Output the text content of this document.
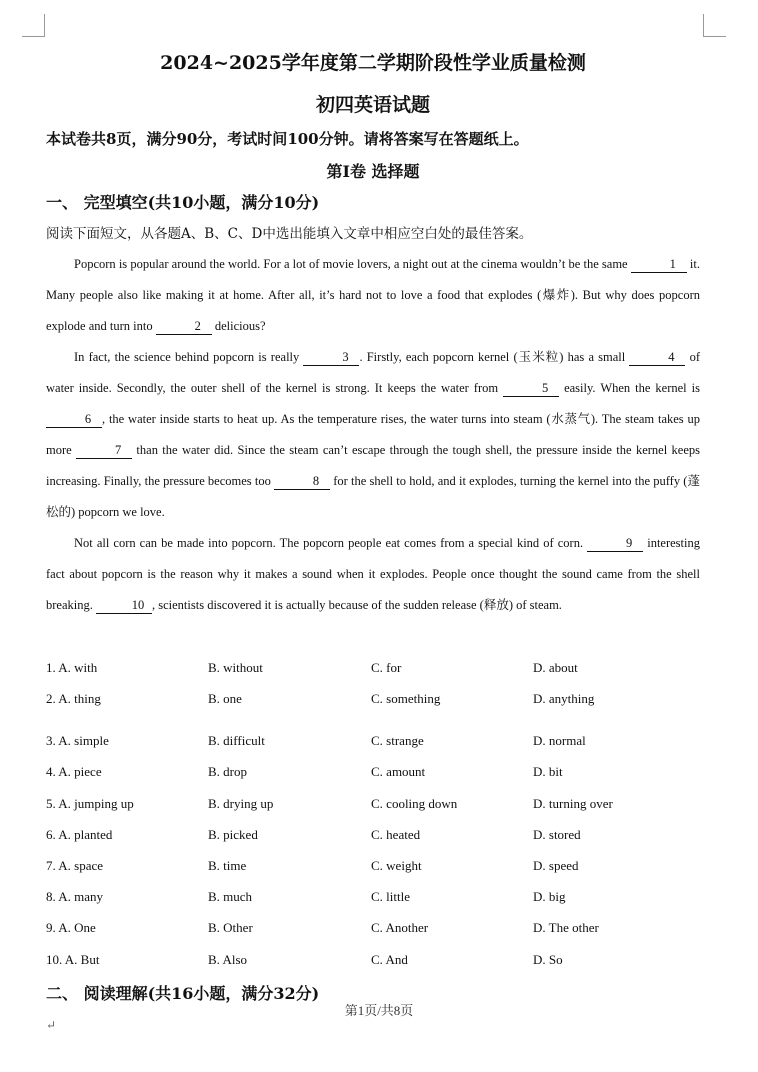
2024~2025学年度第二学期阶段性学业质量检测
初四英语试题
本试卷共8页，满分90分，考试时间100分钟。请将答案写在答题纸上。
第Ⅰ卷 选择题
一、 完型填空(共10小题，满分10分)
阅读下面短文，从各题A、B、C、D中选出能填入文章中相应空白处的最佳答案。

Popcorn is popular around the world. For a lot of movie lovers, a night out at the cinema wouldn’t be the same	1 it. Many people also like making it at home. After all, it’s hard not to love a food that explodes (爆炸). But why does popcorn explode and turn into	2 delicious?

In fact, the science behind popcorn is really	3 . Firstly, each popcorn kernel (玉米粒) has a small	4 of water inside. Secondly, the outer shell of the kernel is strong. It keeps the water from	5 easily. When the kernel is 6 , the water inside starts to heat up. As the temperature rises, the water turns into steam (水蒸气). The steam takes up more	7 than the water did. Since the steam can’t escape through the tough shell, the pressure inside the kernel keeps increasing. Finally, the pressure becomes too	8 for the shell to hold, and it explodes, turning the kernel into the puffy (蓬松的) popcorn we love.

Not all corn can be made into popcorn. The popcorn people eat comes from a special kind of corn.	9 interesting fact about popcorn is the reason why it makes a sound when it explodes. People once thought the sound came from the shell breaking.	10 , scientists discovered it is actually because of the sudden release (释放) of steam.

1. A. with	B. without	C. for	D. about
2. A. thing	B. one	C. something	D. anything
3. A. simple	B. difficult	C. strange	D. normal
4. A. piece	B. drop	C. amount	D. bit
5. A. jumping up	B. drying up	C. cooling down	D. turning over
6. A. planted	B. picked	C. heated	D. stored
7. A. space	B. time	C. weight	D. speed
8. A. many	B. much	C. little	D. big
9. A. One	B. Other	C. Another	D. The other
10. A. But	B. Also	C. And	D. So
二、 阅读理解(共16小题，满分32分)
第1页/共8页
↵
